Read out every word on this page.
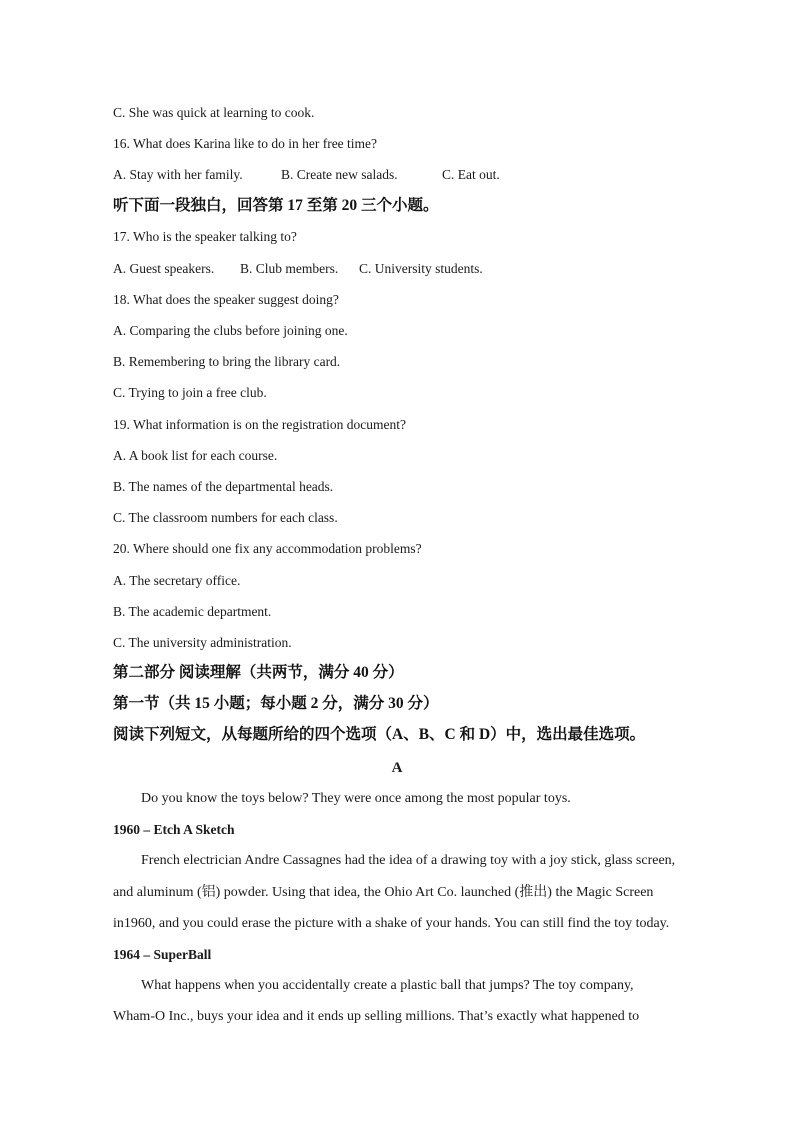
C. She was quick at learning to cook.
16. What does Karina like to do in her free time?
A. Stay with her family.	B. Create new salads.	C. Eat out.
听下面一段独白，回答第 17 至第 20 三个小题。
17. Who is the speaker talking to?
A. Guest speakers.	B. Club members.	C. University students.
18. What does the speaker suggest doing?
A. Comparing the clubs before joining one.
B. Remembering to bring the library card.
C. Trying to join a free club.
19. What information is on the registration document?
A. A book list for each course.
B. The names of the departmental heads.
C. The classroom numbers for each class.
20. Where should one fix any accommodation problems?
A. The secretary office.
B. The academic department.
C. The university administration.
第二部分 阅读理解（共两节，满分 40 分）
第一节（共 15 小题；每小题 2 分，满分 30 分）
阅读下列短文，从每题所给的四个选项（A、B、C 和 D）中，选出最佳选项。
A
Do you know the toys below? They were once among the most popular toys.
1960 – Etch A Sketch
French electrician Andre Cassagnes had the idea of a drawing toy with a joy stick, glass screen,
and aluminum (铝) powder. Using that idea, the Ohio Art Co. launched (推出) the Magic Screen
in1960, and you could erase the picture with a shake of your hands. You can still find the toy today.
1964 – SuperBall
What happens when you accidentally create a plastic ball that jumps? The toy company,
Wham-O Inc., buys your idea and it ends up selling millions. That’s exactly what happened to
